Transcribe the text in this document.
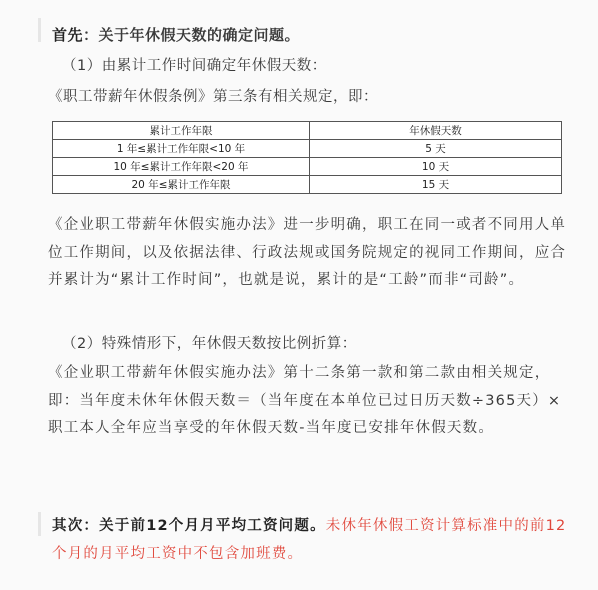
首先：关于年休假天数的确定问题。
（1）由累计工作时间确定年休假天数：
《职工带薪年休假条例》第三条有相关规定，即：
累计工作年限	年休假天数
1 年≤累计工作年限<10 年	5 天
10 年≤累计工作年限<20 年	10 天
20 年≤累计工作年限	15 天
《企业职工带薪年休假实施办法》进一步明确，职工在同一或者不同用人单位工作期间，以及依据法律、行政法规或国务院规定的视同工作期间，应合并累计为“累计工作时间”，也就是说，累计的是“工龄”而非“司龄”。
（2）特殊情形下，年休假天数按比例折算：
《企业职工带薪年休假实施办法》第十二条第一款和第二款由相关规定，即：当年度未休年休假天数＝（当年度在本单位已过日历天数÷365天）×职工本人全年应当享受的年休假天数-当年度已安排年休假天数。
其次：关于前12个月月平均工资问题。未休年休假工资计算标准中的前12个月的月平均工资中不包含加班费。
